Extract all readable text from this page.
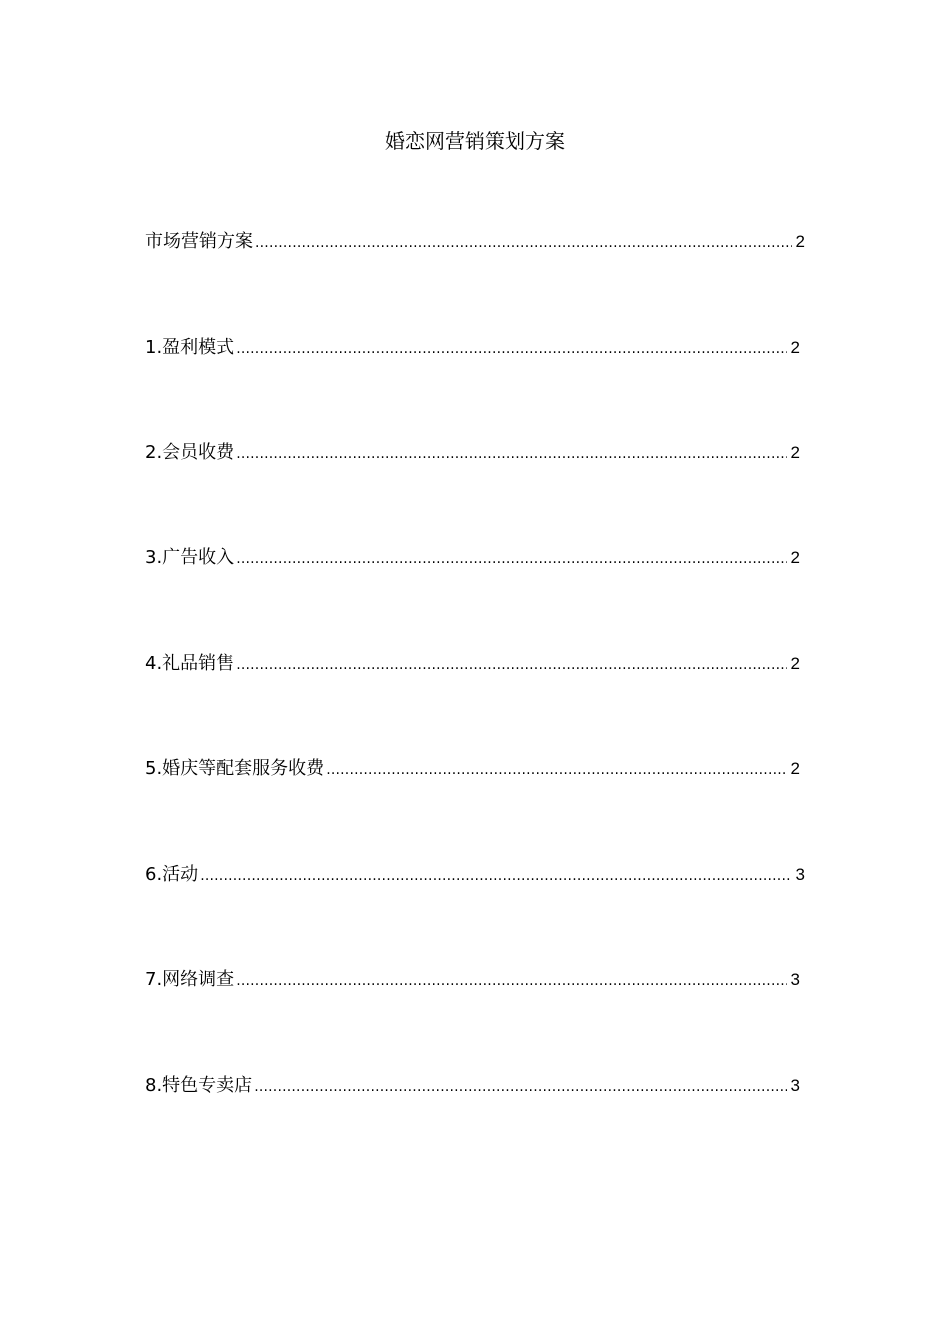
婚恋网营销策划方案
市场营销方案 .....	2
1.盈利模式 .....	2
2.会员收费 .....	2
3.广告收入 .....	2
4.礼品销售 .....	2
5.婚庆等配套服务收费 .....	2
6.活动 .....	3
7.网络调查 .....	3
8.特色专卖店 .....	3
